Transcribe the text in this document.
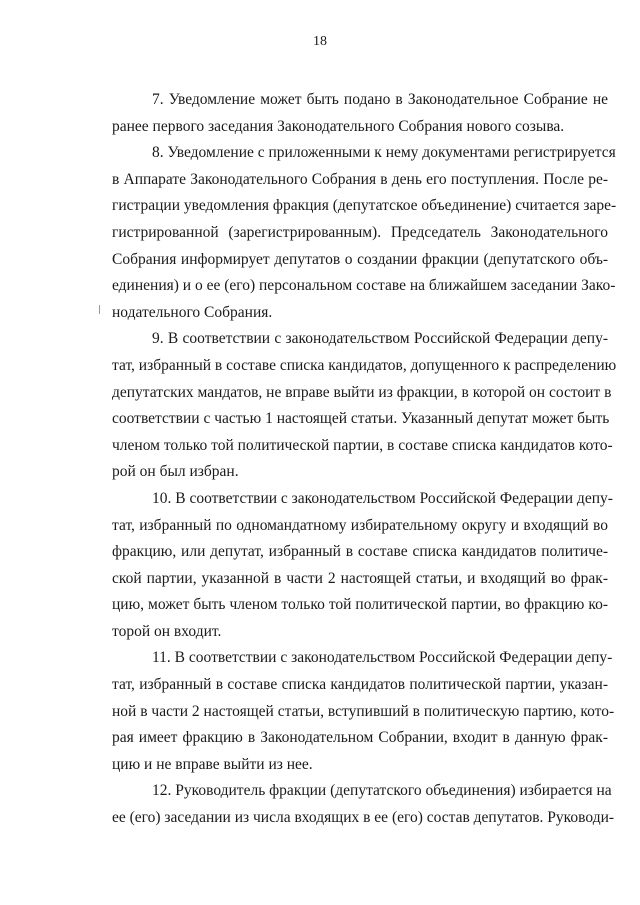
18
7. Уведомление может быть подано в Законодательное Собрание не
ранее первого заседания Законодательного Собрания нового созыва.
8. Уведомление с приложенными к нему документами регистрируется
в Аппарате Законодательного Собрания в день его поступления. После ре-
гистрации уведомления фракция (депутатское объединение) считается заре-
гистрированной (зарегистрированным). Председатель Законодательного
Собрания информирует депутатов о создании фракции (депутатского объ-
единения) и о ее (его) персональном составе на ближайшем заседании Зако-
нодательного Собрания.
9. В соответствии с законодательством Российской Федерации депу-
тат, избранный в составе списка кандидатов, допущенного к распределению
депутатских мандатов, не вправе выйти из фракции, в которой он состоит в
соответствии с частью 1 настоящей статьи. Указанный депутат может быть
членом только той политической партии, в составе списка кандидатов кото-
рой он был избран.
10. В соответствии с законодательством Российской Федерации депу-
тат, избранный по одномандатному избирательному округу и входящий во
фракцию, или депутат, избранный в составе списка кандидатов политиче-
ской партии, указанной в части 2 настоящей статьи, и входящий во фрак-
цию, может быть членом только той политической партии, во фракцию ко-
торой он входит.
11. В соответствии с законодательством Российской Федерации депу-
тат, избранный в составе списка кандидатов политической партии, указан-
ной в части 2 настоящей статьи, вступивший в политическую партию, кото-
рая имеет фракцию в Законодательном Собрании, входит в данную фрак-
цию и не вправе выйти из нее.
12. Руководитель фракции (депутатского объединения) избирается на
ее (его) заседании из числа входящих в ее (его) состав депутатов. Руководи-
